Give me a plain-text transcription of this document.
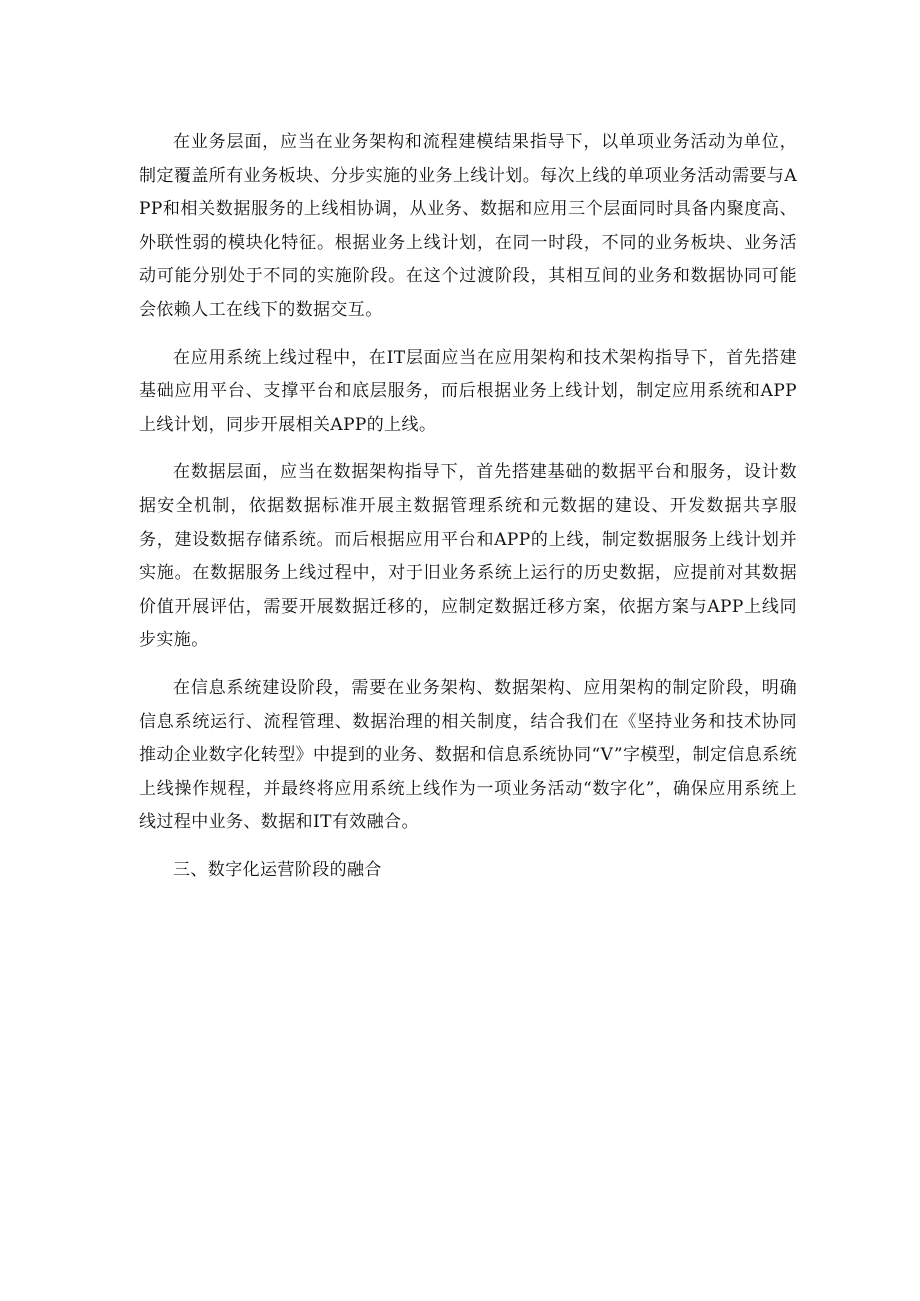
在业务层面，应当在业务架构和流程建模结果指导下，以单项业务活动为单位，制定覆盖所有业务板块、分步实施的业务上线计划。每次上线的单项业务活动需要与APP和相关数据服务的上线相协调，从业务、数据和应用三个层面同时具备内聚度高、外联性弱的模块化特征。根据业务上线计划，在同一时段，不同的业务板块、业务活动可能分别处于不同的实施阶段。在这个过渡阶段，其相互间的业务和数据协同可能会依赖人工在线下的数据交互。

在应用系统上线过程中，在IT层面应当在应用架构和技术架构指导下，首先搭建基础应用平台、支撑平台和底层服务，而后根据业务上线计划，制定应用系统和APP上线计划，同步开展相关APP的上线。

在数据层面，应当在数据架构指导下，首先搭建基础的数据平台和服务，设计数据安全机制，依据数据标准开展主数据管理系统和元数据的建设、开发数据共享服务，建设数据存储系统。而后根据应用平台和APP的上线，制定数据服务上线计划并实施。在数据服务上线过程中，对于旧业务系统上运行的历史数据，应提前对其数据价值开展评估，需要开展数据迁移的，应制定数据迁移方案，依据方案与APP上线同步实施。

在信息系统建设阶段，需要在业务架构、数据架构、应用架构的制定阶段，明确信息系统运行、流程管理、数据治理的相关制度，结合我们在《坚持业务和技术协同推动企业数字化转型》中提到的业务、数据和信息系统协同“V”字模型，制定信息系统上线操作规程，并最终将应用系统上线作为一项业务活动“数字化”，确保应用系统上线过程中业务、数据和IT有效融合。

三、数字化运营阶段的融合
